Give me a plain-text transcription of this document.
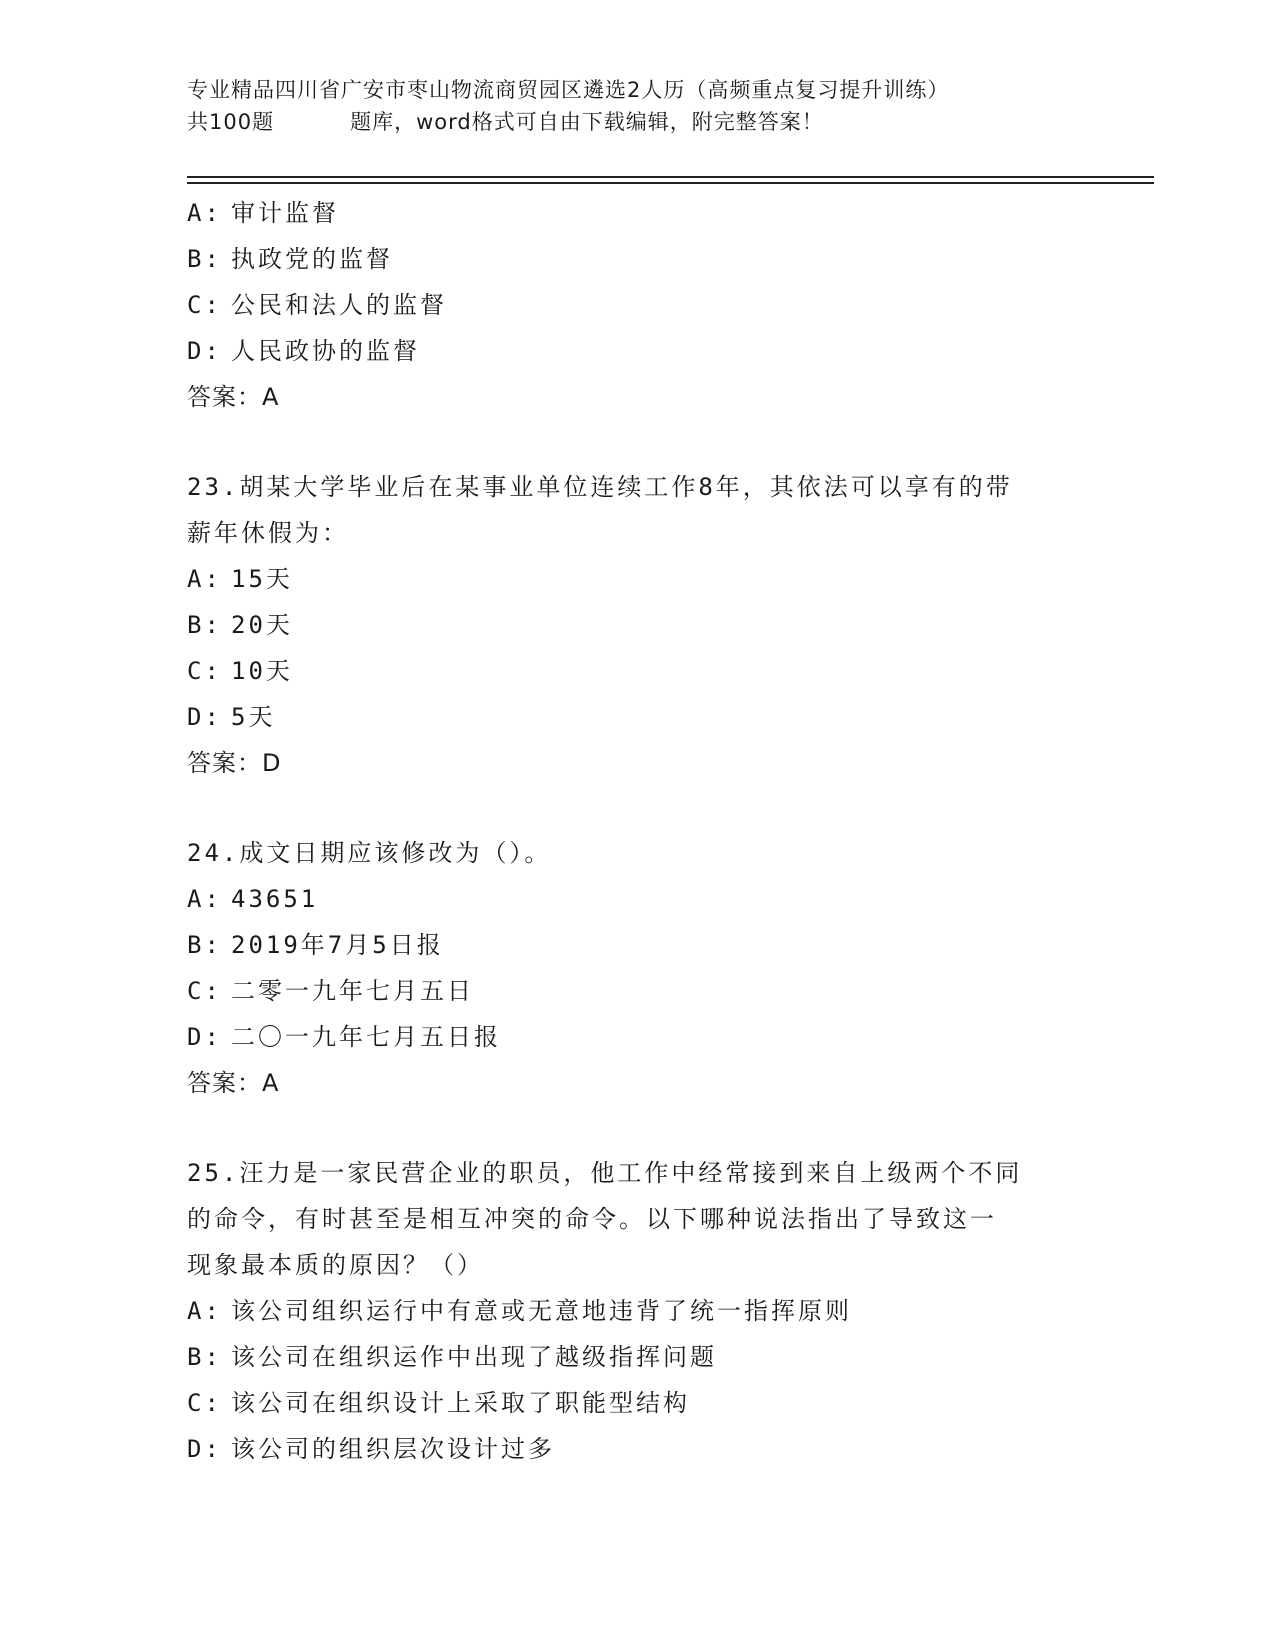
专业精品四川省广安市枣山物流商贸园区遴选2人历（高频重点复习提升训练）
共100题	题库，word格式可自由下载编辑，附完整答案！
A: 审计监督
B: 执政党的监督
C: 公民和法人的监督
D: 人民政协的监督
答案：A
23.胡某大学毕业后在某事业单位连续工作8年，其依法可以享有的带
薪年休假为：
A: 15天
B: 20天
C: 10天
D: 5天
答案：D
24.成文日期应该修改为（）。
A: 43651
B: 2019年7月5日报
C: 二零一九年七月五日
D: 二〇一九年七月五日报
答案：A
25.汪力是一家民营企业的职员，他工作中经常接到来自上级两个不同
的命令，有时甚至是相互冲突的命令。以下哪种说法指出了导致这一
现象最本质的原因？（）
A: 该公司组织运行中有意或无意地违背了统一指挥原则
B: 该公司在组织运作中出现了越级指挥问题
C: 该公司在组织设计上采取了职能型结构
D: 该公司的组织层次设计过多
